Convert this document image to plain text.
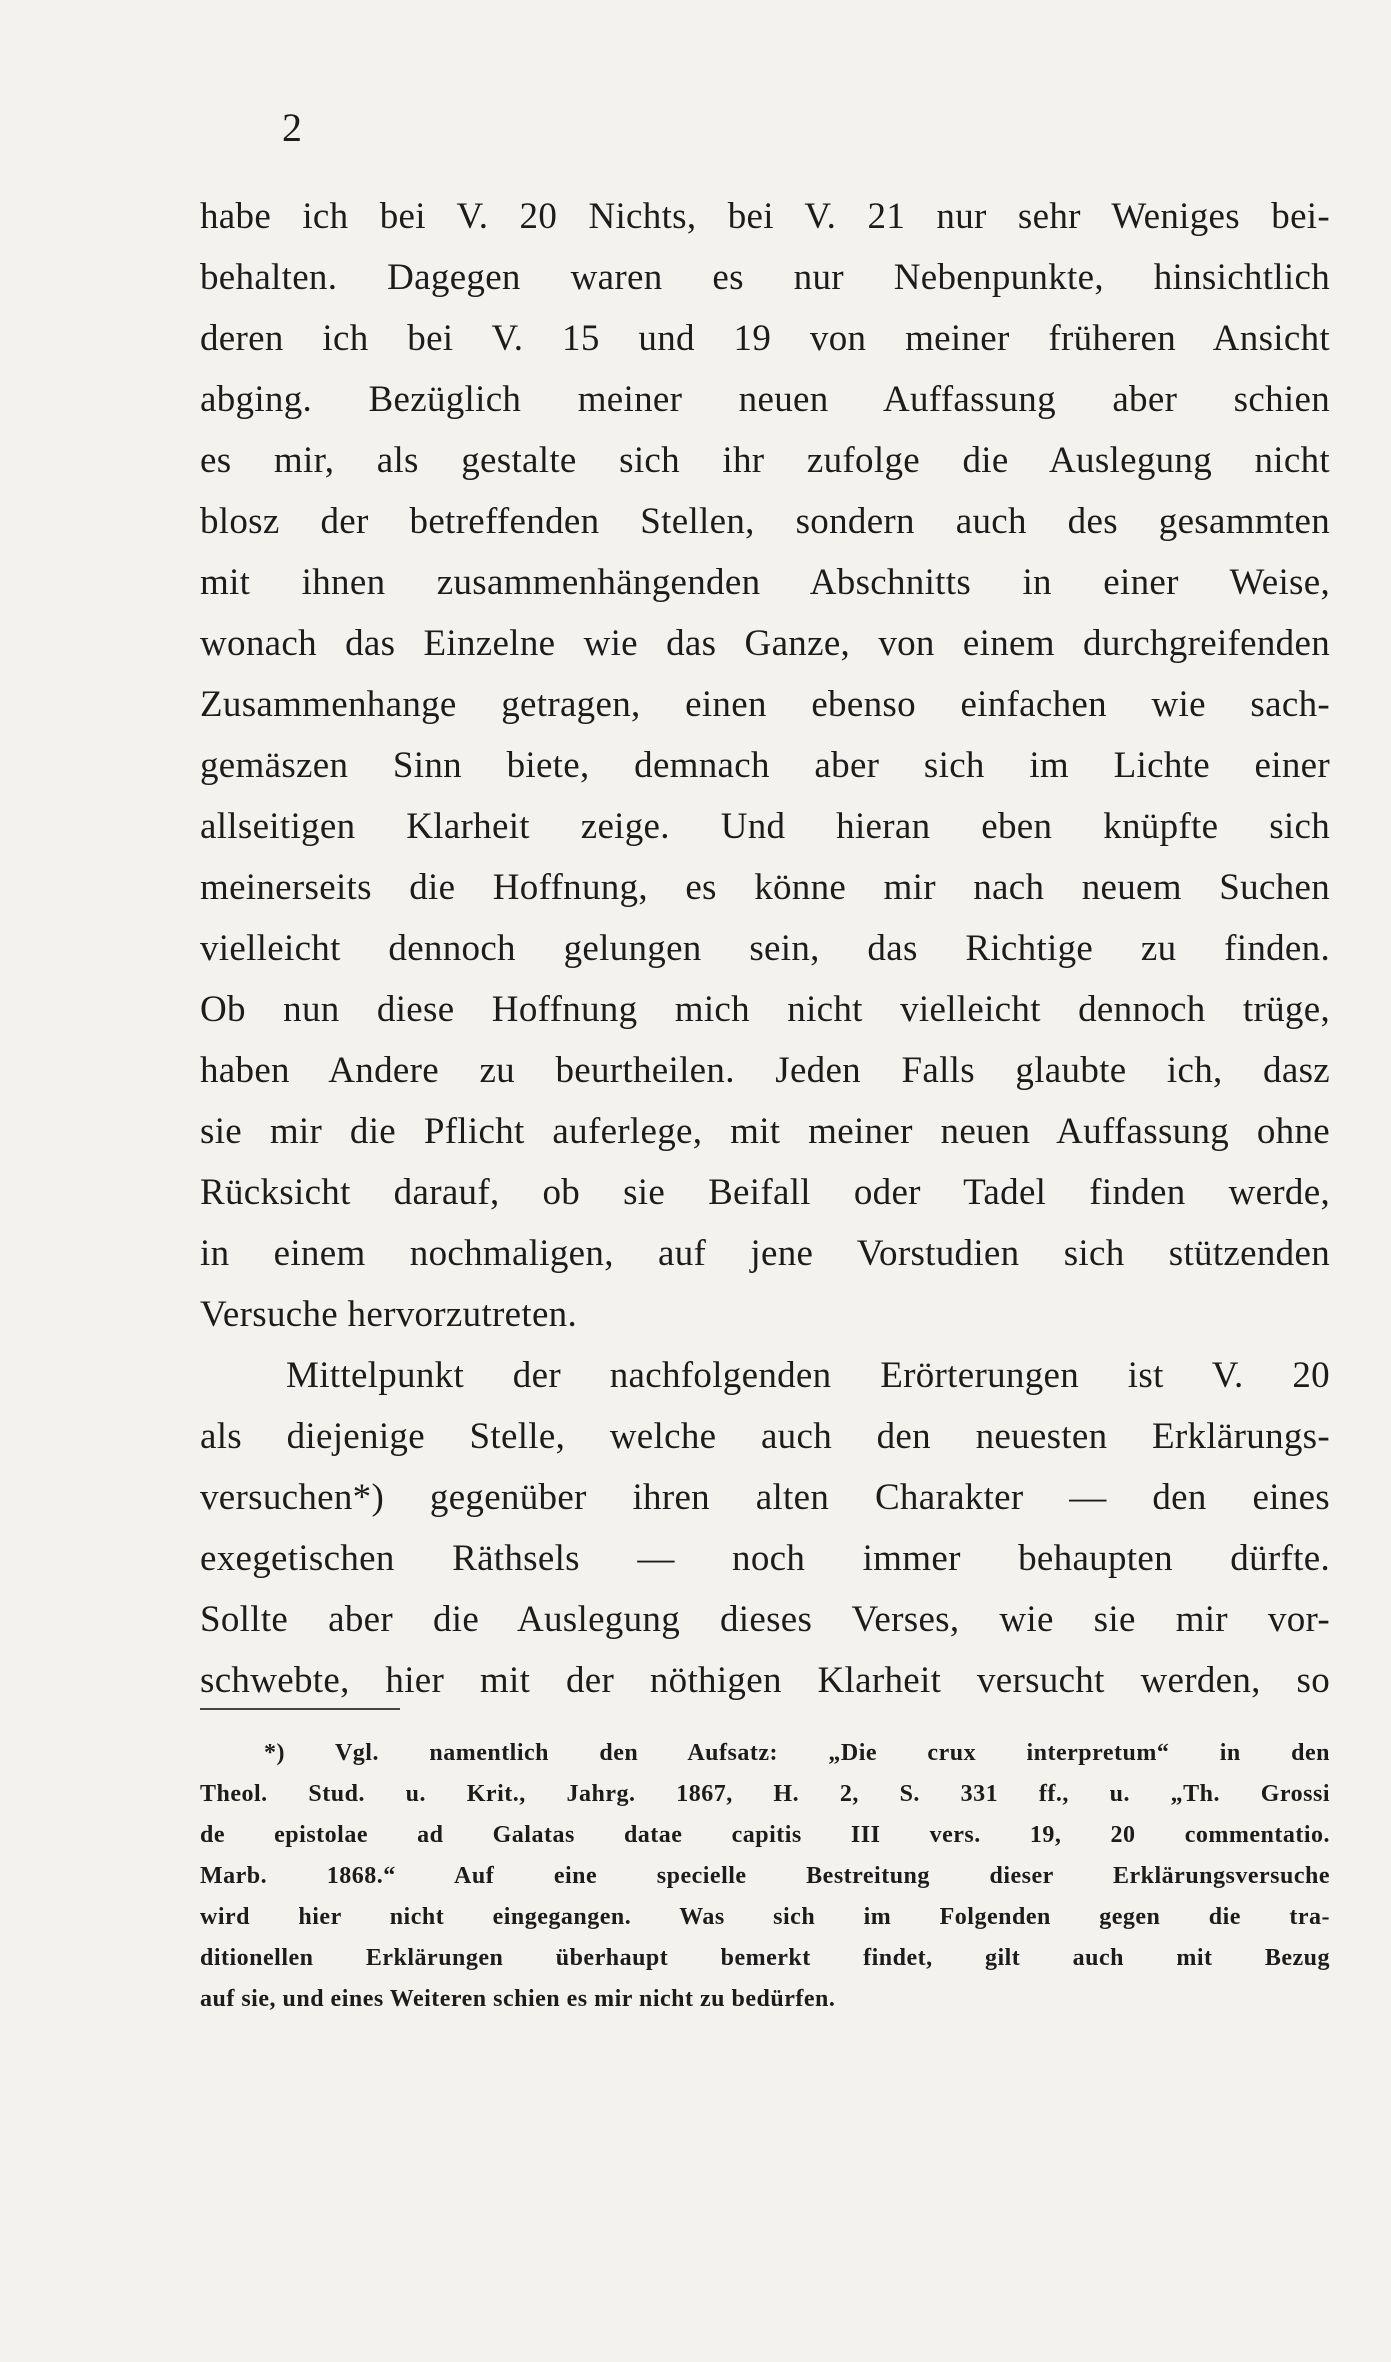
2
habe ich bei V. 20 Nichts, bei V. 21 nur sehr Weniges bei-
behalten. Dagegen waren es nur Nebenpunkte, hinsichtlich
deren ich bei V. 15 und 19 von meiner früheren Ansicht
abging. Bezüglich meiner neuen Auffassung aber schien
es mir, als gestalte sich ihr zufolge die Auslegung nicht
blosz der betreffenden Stellen, sondern auch des gesammten
mit ihnen zusammenhängenden Abschnitts in einer Weise,
wonach das Einzelne wie das Ganze, von einem durchgreifenden
Zusammenhange getragen, einen ebenso einfachen wie sach-
gemäszen Sinn biete, demnach aber sich im Lichte einer
allseitigen Klarheit zeige. Und hieran eben knüpfte sich
meinerseits die Hoffnung, es könne mir nach neuem Suchen
vielleicht dennoch gelungen sein, das Richtige zu finden.
Ob nun diese Hoffnung mich nicht vielleicht dennoch trüge,
haben Andere zu beurtheilen. Jeden Falls glaubte ich, dasz
sie mir die Pflicht auferlege, mit meiner neuen Auffassung ohne
Rücksicht darauf, ob sie Beifall oder Tadel finden werde,
in einem nochmaligen, auf jene Vorstudien sich stützenden
Versuche hervorzutreten.
Mittelpunkt der nachfolgenden Erörterungen ist V. 20
als diejenige Stelle, welche auch den neuesten Erklärungs-
versuchen*) gegenüber ihren alten Charakter — den eines
exegetischen Räthsels — noch immer behaupten dürfte.
Sollte aber die Auslegung dieses Verses, wie sie mir vor-
schwebte, hier mit der nöthigen Klarheit versucht werden, so
*) Vgl. namentlich den Aufsatz: „Die crux interpretum“ in den
Theol. Stud. u. Krit., Jahrg. 1867, H. 2, S. 331 ff., u. „Th. Grossi
de epistolae ad Galatas datae capitis III vers. 19, 20 commentatio.
Marb. 1868.“ Auf eine specielle Bestreitung dieser Erklärungsversuche
wird hier nicht eingegangen. Was sich im Folgenden gegen die tra-
ditionellen Erklärungen überhaupt bemerkt findet, gilt auch mit Bezug
auf sie, und eines Weiteren schien es mir nicht zu bedürfen.
